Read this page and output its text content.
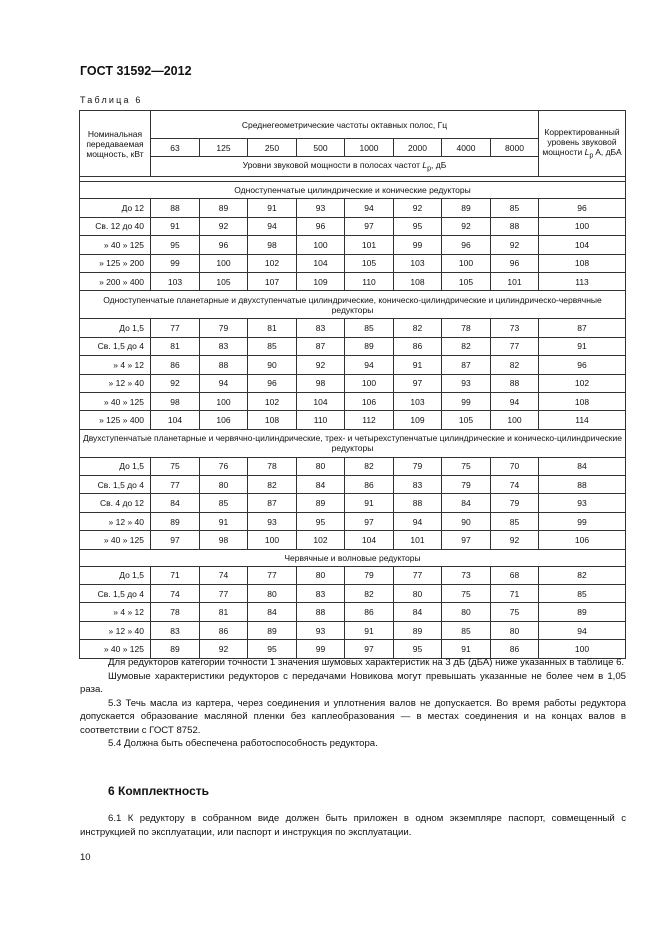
ГОСТ 31592—2012
Таблица 6
Номинальная передаваемая мощность, кВт	Среднегеометрические частоты октавных полос, Гц								Корректированный уровень звуковой мощности $L_p$ A, дБА
	63	125	250	500	1000	2000	4000	8000	
	Уровни звуковой мощности в полосах частот $L_p$, дБ								

Одноступенчатые цилиндрические и конические редукторы									
До 12	88	89	91	93	94	92	89	85	96
Св. 12 до 40	91	92	94	96	97	95	92	88	100
» 40 » 125	95	96	98	100	101	99	96	92	104
» 125 » 200	99	100	102	104	105	103	100	96	108
» 200 » 400	103	105	107	109	110	108	105	101	113
Одноступенчатые планетарные и двухступенчатые цилиндрические, коническо-цилиндрические и цилиндрическо-червячные редукторы									
До 1,5	77	79	81	83	85	82	78	73	87
Св. 1,5 до 4	81	83	85	87	89	86	82	77	91
» 4 » 12	86	88	90	92	94	91	87	82	96
» 12 » 40	92	94	96	98	100	97	93	88	102
» 40 » 125	98	100	102	104	106	103	99	94	108
» 125 » 400	104	106	108	110	112	109	105	100	114
Двухступенчатые планетарные и червячно-цилиндрические, трех- и четырехступенчатые цилиндрические и коническо-цилиндрические редукторы									
До 1,5	75	76	78	80	82	79	75	70	84
Св. 1,5 до 4	77	80	82	84	86	83	79	74	88
Св. 4 до 12	84	85	87	89	91	88	84	79	93
» 12 » 40	89	91	93	95	97	94	90	85	99
» 40 » 125	97	98	100	102	104	101	97	92	106
Червячные и волновые редукторы									
До 1,5	71	74	77	80	79	77	73	68	82
Св. 1,5 до 4	74	77	80	83	82	80	75	71	85
» 4 » 12	78	81	84	88	86	84	80	75	89
» 12 » 40	83	86	89	93	91	89	85	80	94
» 40 » 125	89	92	95	99	97	95	91	86	100

Для редукторов категории точности 1 значения шумовых характеристик на 3 дБ (дБА) ниже указанных в таблице 6.

Шумовые характеристики редукторов с передачами Новикова могут превышать указанные не более чем в 1,05 раза.

5.3 Течь масла из картера, через соединения и уплотнения валов не допускается. Во время работы редуктора допускается образование масляной пленки без каплеобразования — в местах соединения и на концах валов в соответствии с ГОСТ 8752.

5.4 Должна быть обеспечена работоспособность редуктора.

6 Комплектность

6.1 К редуктору в собранном виде должен быть приложен в одном экземпляре паспорт, совмещенный с инструкцией по эксплуатации, или паспорт и инструкция по эксплуатации.

10
